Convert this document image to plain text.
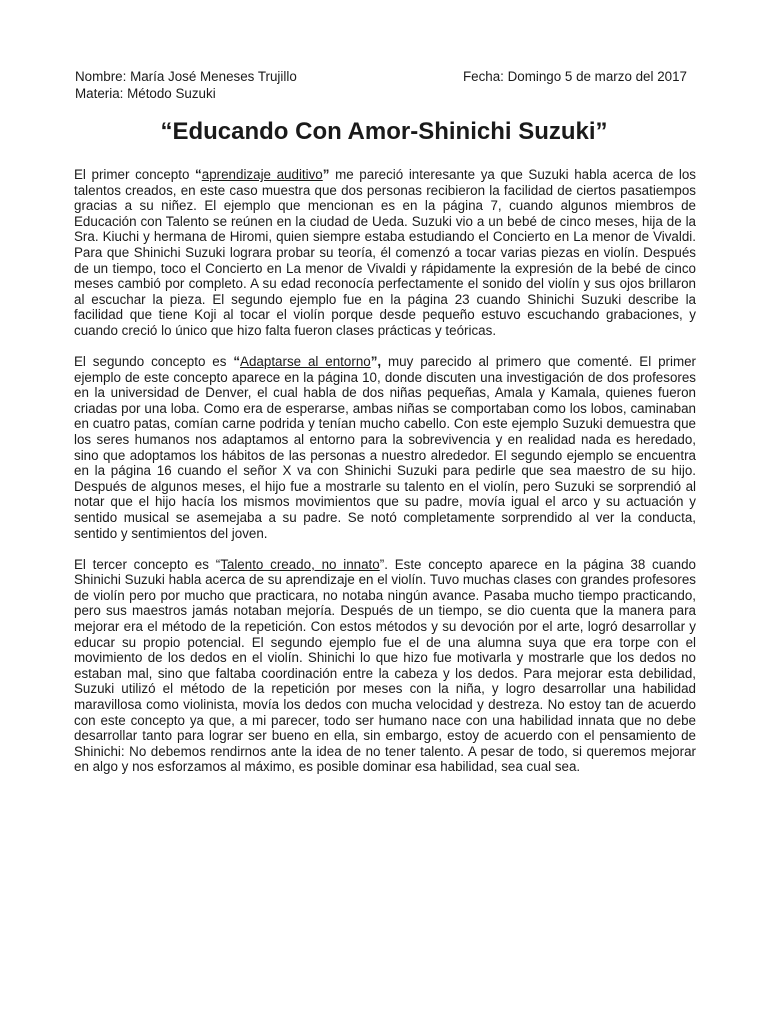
Nombre: María José Meneses Trujillo	Fecha: Domingo 5 de marzo del 2017
Materia: Método Suzuki
“Educando Con Amor-Shinichi Suzuki”

El primer concepto “aprendizaje auditivo” me pareció interesante ya que Suzuki habla acerca de los talentos creados, en este caso muestra que dos personas recibieron la facilidad de ciertos pasatiempos gracias a su niñez. El ejemplo que mencionan es en la página 7, cuando algunos miembros de Educación con Talento se reúnen en la ciudad de Ueda. Suzuki vio a un bebé de cinco meses, hija de la Sra. Kiuchi y hermana de Hiromi, quien siempre estaba estudiando el Concierto en La menor de Vivaldi. Para que Shinichi Suzuki lograra probar su teoría, él comenzó a tocar varias piezas en violín. Después de un tiempo, toco el Concierto en La menor de Vivaldi y rápidamente la expresión de la bebé de cinco meses cambió por completo. A su edad reconocía perfectamente el sonido del violín y sus ojos brillaron al escuchar la pieza. El segundo ejemplo fue en la página 23 cuando Shinichi Suzuki describe la facilidad que tiene Koji al tocar el violín porque desde pequeño estuvo escuchando grabaciones, y cuando creció lo único que hizo falta fueron clases prácticas y teóricas.

El segundo concepto es “Adaptarse al entorno”, muy parecido al primero que comenté. El primer ejemplo de este concepto aparece en la página 10, donde discuten una investigación de dos profesores en la universidad de Denver, el cual habla de dos niñas pequeñas, Amala y Kamala, quienes fueron criadas por una loba. Como era de esperarse, ambas niñas se comportaban como los lobos, caminaban en cuatro patas, comían carne podrida y tenían mucho cabello. Con este ejemplo Suzuki demuestra que los seres humanos nos adaptamos al entorno para la sobrevivencia y en realidad nada es heredado, sino que adoptamos los hábitos de las personas a nuestro alrededor. El segundo ejemplo se encuentra en la página 16 cuando el señor X va con Shinichi Suzuki para pedirle que sea maestro de su hijo. Después de algunos meses, el hijo fue a mostrarle su talento en el violín, pero Suzuki se sorprendió al notar que el hijo hacía los mismos movimientos que su padre, movía igual el arco y su actuación y sentido musical se asemejaba a su padre. Se notó completamente sorprendido al ver la conducta, sentido y sentimientos del joven.

El tercer concepto es “Talento creado, no innato”. Este concepto aparece en la página 38 cuando Shinichi Suzuki habla acerca de su aprendizaje en el violín. Tuvo muchas clases con grandes profesores de violín pero por mucho que practicara, no notaba ningún avance. Pasaba mucho tiempo practicando, pero sus maestros jamás notaban mejoría. Después de un tiempo, se dio cuenta que la manera para mejorar era el método de la repetición. Con estos métodos y su devoción por el arte, logró desarrollar y educar su propio potencial. El segundo ejemplo fue el de una alumna suya que era torpe con el movimiento de los dedos en el violín. Shinichi lo que hizo fue motivarla y mostrarle que los dedos no estaban mal, sino que faltaba coordinación entre la cabeza y los dedos. Para mejorar esta debilidad, Suzuki utilizó el método de la repetición por meses con la niña, y logro desarrollar una habilidad maravillosa como violinista, movía los dedos con mucha velocidad y destreza. No estoy tan de acuerdo con este concepto ya que, a mi parecer, todo ser humano nace con una habilidad innata que no debe desarrollar tanto para lograr ser bueno en ella, sin embargo, estoy de acuerdo con el pensamiento de Shinichi: No debemos rendirnos ante la idea de no tener talento. A pesar de todo, si queremos mejorar en algo y nos esforzamos al máximo, es posible dominar esa habilidad, sea cual sea.
